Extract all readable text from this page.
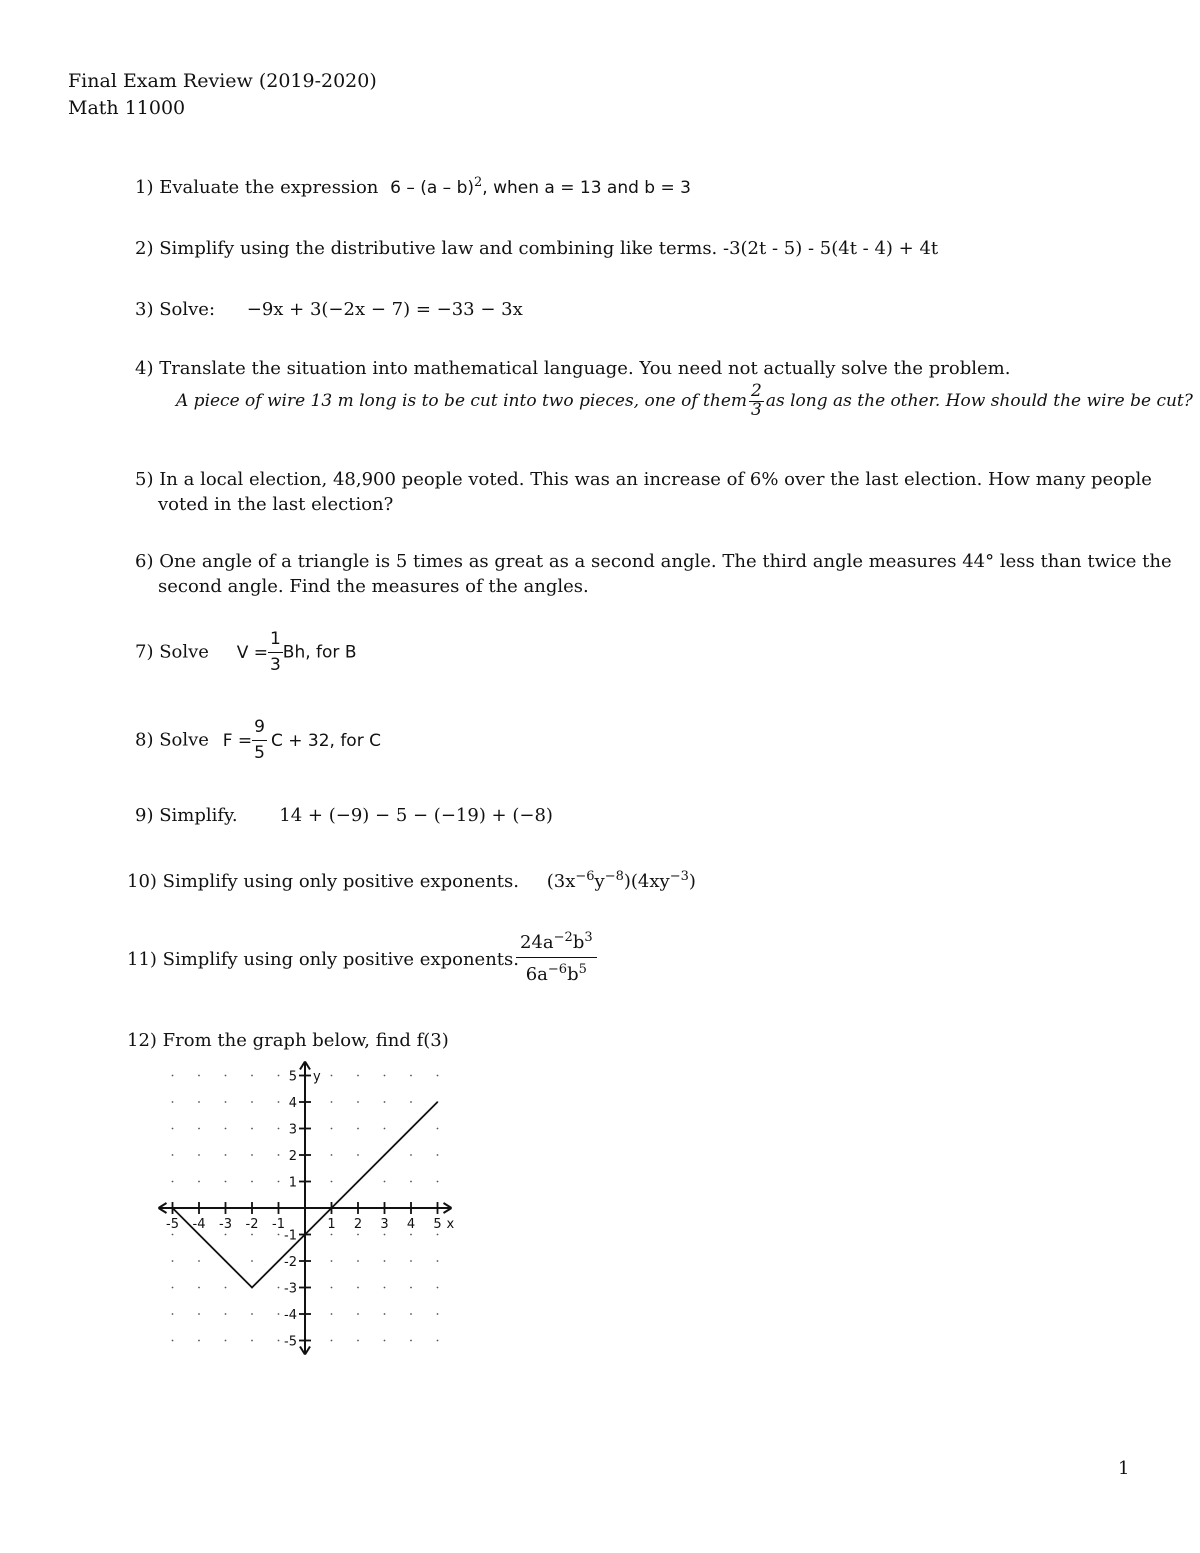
Final Exam Review (2019-2020)
Math 11000
1) Evaluate the expression 6 – (a – b)$^2$, when a = 13 and b = 3
2) Simplify using the distributive law and combining like terms. -3(2t - 5) - 5(4t - 4) + 4t
3) Solve: −9x + 3(−2x − 7) = −33 − 3x
4) Translate the situation into mathematical language. You need not actually solve the problem.
A piece of wire 13 m long is to be cut into two pieces, one of them $\frac{2}{3}$ as long as the other. How should the wire be cut?
5) In a local election, 48,900 people voted. This was an increase of 6% over the last election. How many people
voted in the last election?
6) One angle of a triangle is 5 times as great as a second angle. The third angle measures 44° less than twice the
second angle. Find the measures of the angles.
7) Solve $V = \frac{1}{3} Bh$, for B
8) Solve $F = \frac{9}{5}$ C + 32, for C
9) Simplify. 14 + (−9) − 5 − (−19) + (−8)
10) Simplify using only positive exponents. $(3x^{-6}y^{-8})(4xy^{-3})$
11) Simplify using only positive exponents.
$24a^{-2}b^3$
$6a^{-6}b^5$
12) From the graph below, find f(3)
-5 -4 -3 -2 -1	1 2 3 4 5
5
4
3
2
1
-1
-2
-3
-4
-5
x
y
1
